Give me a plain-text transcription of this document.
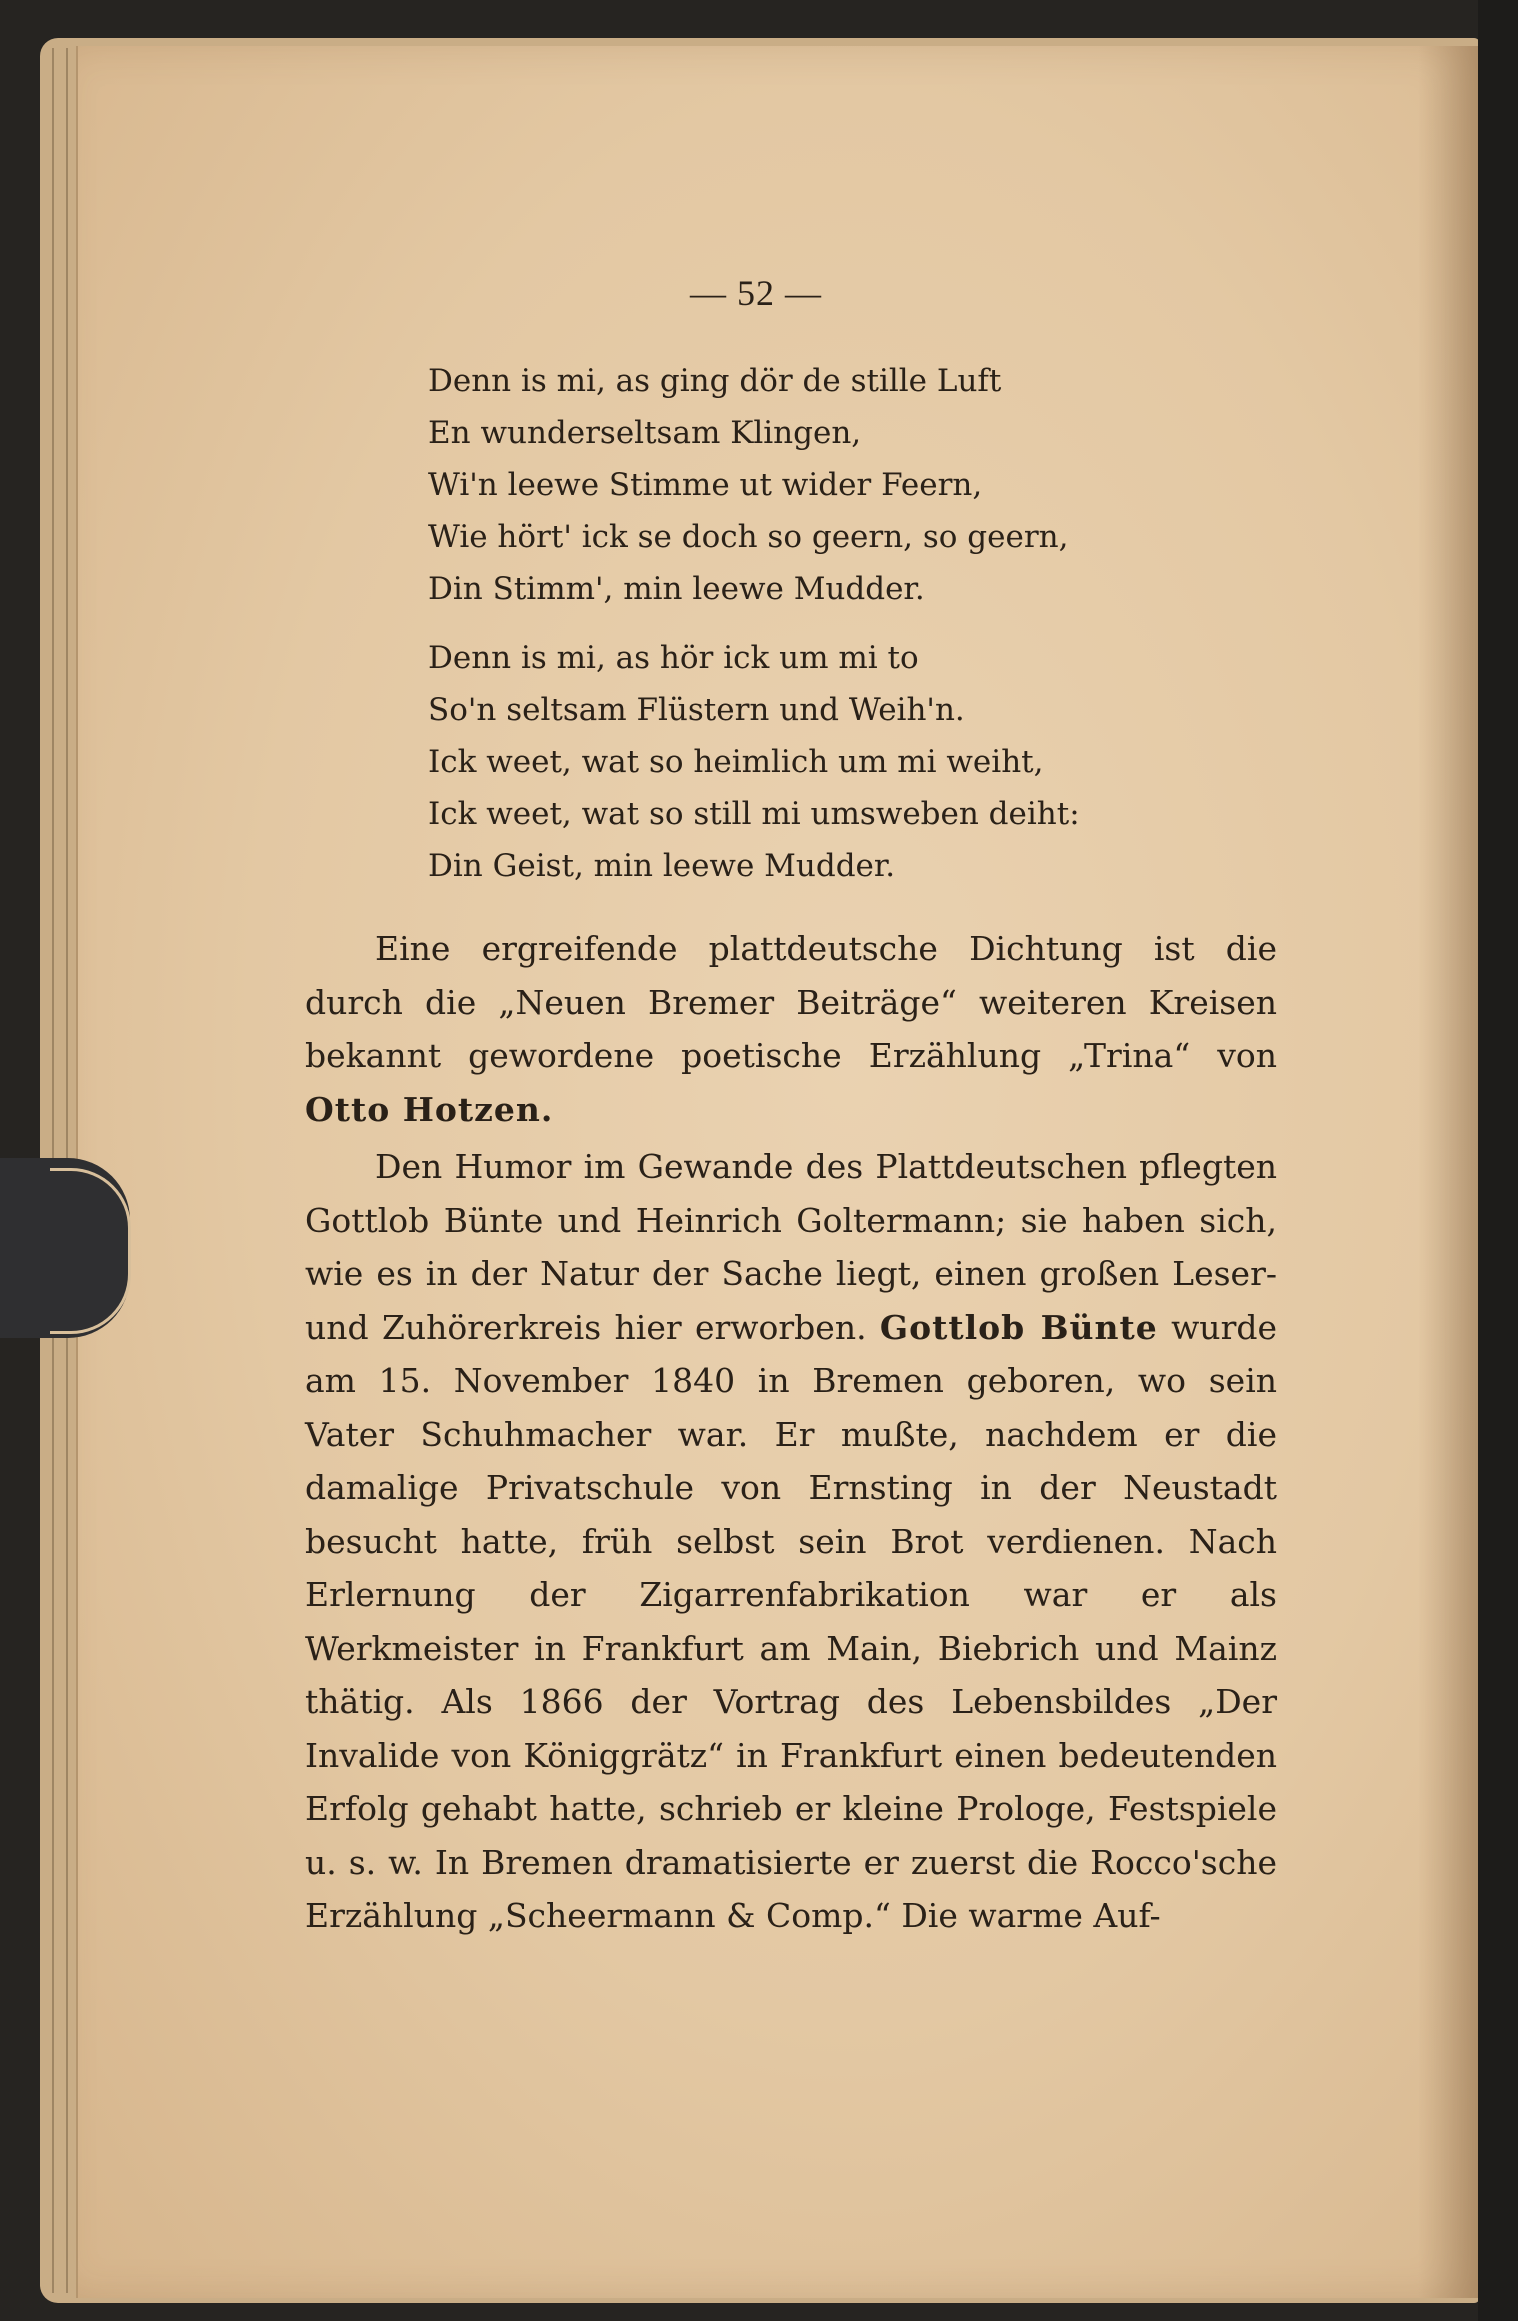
— 52 —
Denn is mi, as ging dör de stille Luft
En wunderseltsam Klingen,
Wi'n leewe Stimme ut wider Feern,
Wie hört' ick se doch so geern, so geern,
Din Stimm', min leewe Mudder.
Denn is mi, as hör ick um mi to
So'n seltsam Flüstern und Weih'n.
Ick weet, wat so heimlich um mi weiht,
Ick weet, wat so still mi umsweben deiht:
Din Geist, min leewe Mudder.

Eine ergreifende plattdeutsche Dichtung ist die durch die „Neuen Bremer Beiträge“ weiteren Kreisen bekannt gewordene poetische Erzählung „Trina“ von Otto Hotzen.

Den Humor im Gewande des Plattdeutschen pflegten Gottlob Bünte und Heinrich Goltermann; sie haben sich, wie es in der Natur der Sache liegt, einen großen Leser- und Zuhörerkreis hier erworben. Gottlob Bünte wurde am 15. November 1840 in Bremen geboren, wo sein Vater Schuhmacher war. Er mußte, nachdem er die damalige Privatschule von Ernsting in der Neustadt besucht hatte, früh selbst sein Brot verdienen. Nach Erlernung der Zigarrenfabrikation war er als Werkmeister in Frankfurt am Main, Biebrich und Mainz thätig. Als 1866 der Vortrag des Lebensbildes „Der Invalide von Königgrätz“ in Frankfurt einen bedeutenden Erfolg gehabt hatte, schrieb er kleine Prologe, Festspiele u. s. w. In Bremen dramatisierte er zuerst die Rocco'sche Erzählung „Scheermann & Comp.“ Die warme Auf-
